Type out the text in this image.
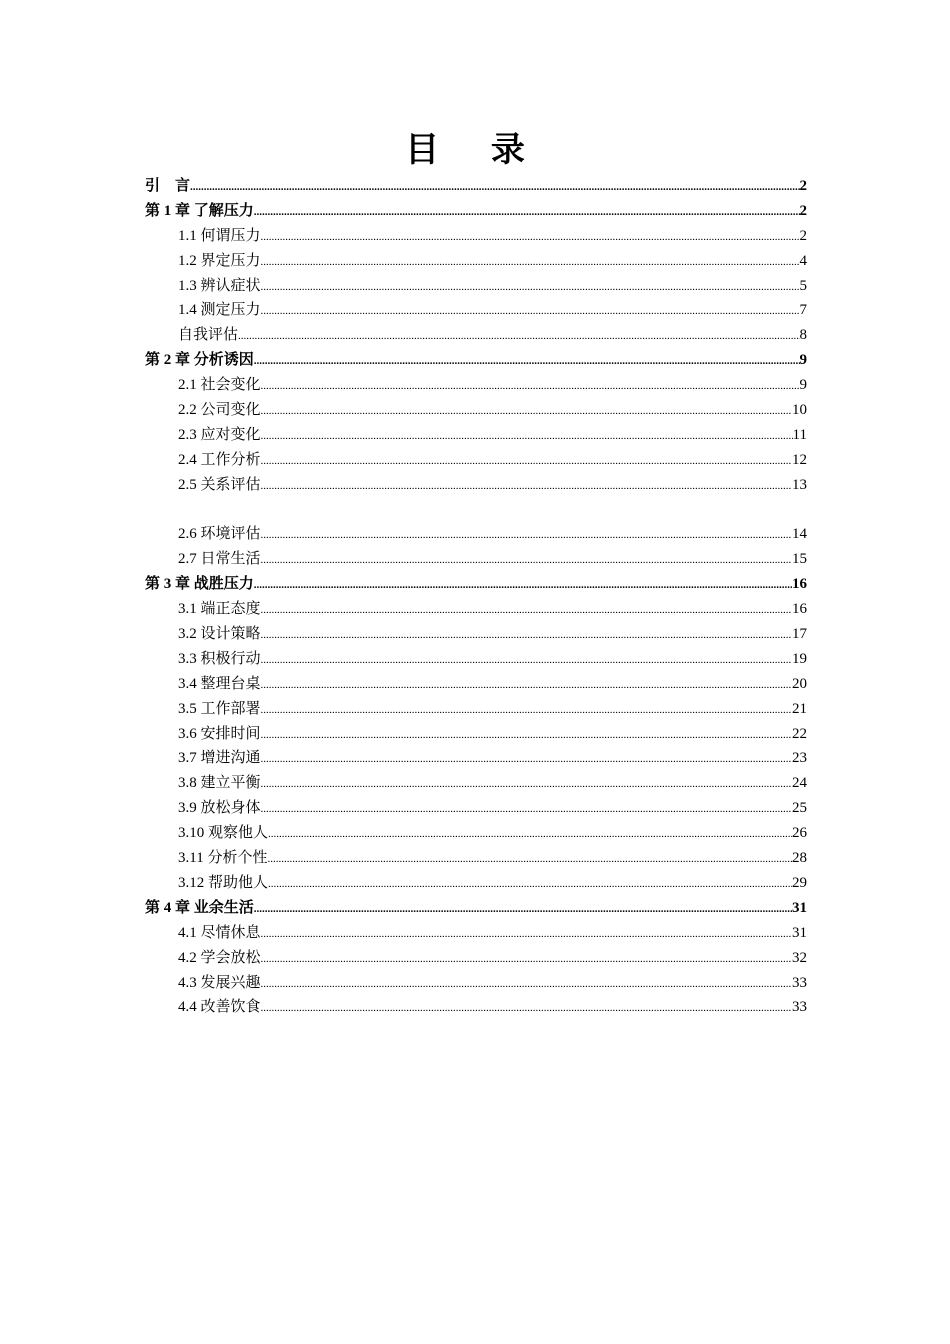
目 录
引　言 .....	2
第 1 章 了解压力 .....	2
1.1 何谓压力 .....	2
1.2 界定压力 .....	4
1.3 辨认症状 .....	5
1.4 测定压力 .....	7
自我评估 .....	8
第 2 章 分析诱因 .....	9
2.1 社会变化 .....	9
2.2 公司变化 .....	10
2.3 应对变化 .....	11
2.4 工作分析 .....	12
2.5 关系评估 .....	13
2.6 环境评估 .....	14
2.7 日常生活 .....	15
第 3 章 战胜压力 .....	16
3.1 端正态度 .....	16
3.2 设计策略 .....	17
3.3 积极行动 .....	19
3.4 整理台桌 .....	20
3.5 工作部署 .....	21
3.6 安排时间 .....	22
3.7 增进沟通 .....	23
3.8 建立平衡 .....	24
3.9 放松身体 .....	25
3.10 观察他人 .....	26
3.11 分析个性 .....	28
3.12 帮助他人 .....	29
第 4 章 业余生活 .....	31
4.1 尽情休息 .....	31
4.2 学会放松 .....	32
4.3 发展兴趣 .....	33
4.4 改善饮食 .....	33
